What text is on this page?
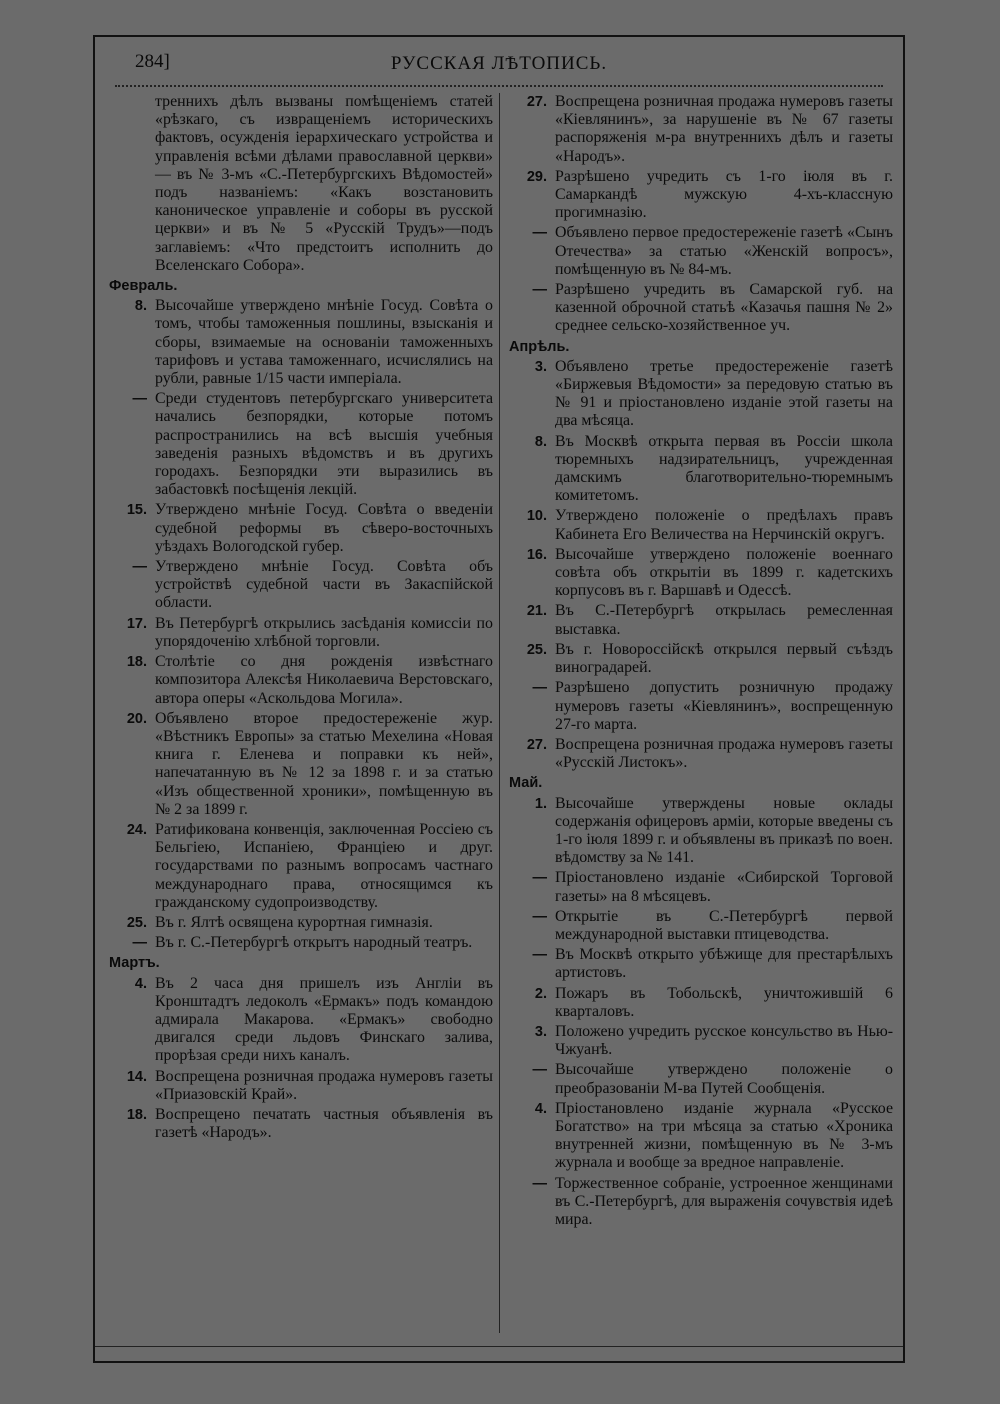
284]	РУССКАЯ ЛѢТОПИСЬ.
треннихъ дѣлъ вызваны помѣщеніемъ статей «рѣзкаго, съ извращеніемъ историческихъ фактовъ, осужденія іерархическаго устройства и управленія всѣми дѣлами православной церкви» — въ № 3-мъ «С.-Петербургскихъ Вѣдомостей» подъ названіемъ: «Какъ возстановить каноническое управленіе и соборы въ русской церкви» и въ № 5 «Русскій Трудъ»—подъ заглавіемъ: «Что предстоитъ исполнить до Вселенскаго Собора».
Февраль.
8. Высочайше утверждено мнѣніе Госуд. Совѣта о томъ, чтобы таможенныя пошлины, взысканія и сборы, взимаемые на основаніи таможенныхъ тарифовъ и устава таможеннаго, исчислялись на рубли, равные 1/15 части имперіала.
— Среди студентовъ петербургскаго университета начались безпорядки, которые потомъ распространились на всѣ высшія учебныя заведенія разныхъ вѣдомствъ и въ другихъ городахъ. Безпорядки эти выразились въ забастовкѣ посѣщенія лекцій.
15. Утверждено мнѣніе Госуд. Совѣта о введеніи судебной реформы въ сѣверо-восточныхъ уѣздахъ Вологодской губер.
— Утверждено мнѣніе Госуд. Совѣта объ устройствѣ судебной части въ Закаспійской области.
17. Въ Петербургѣ открылись засѣданія комиссіи по упорядоченію хлѣбной торговли.
18. Столѣтіе со дня рожденія извѣстнаго композитора Алексѣя Николаевича Верстовскаго, автора оперы «Аскольдова Могила».
20. Объявлено второе предостереженіе жур. «Вѣстникъ Европы» за статью Мехелина «Новая книга г. Еленева и поправки къ ней», напечатанную въ № 12 за 1898 г. и за статью «Изъ общественной хроники», помѣщенную въ № 2 за 1899 г.
24. Ратификована конвенція, заключенная Россіею съ Бельгіею, Испаніею, Франціею и друг. государствами по разнымъ вопросамъ частнаго международнаго права, относящимся къ гражданскому судопроизводству.
25. Въ г. Ялтѣ освящена курортная гимназія.
— Въ г. С.-Петербургѣ открытъ народный театръ.
Мартъ.
4. Въ 2 часа дня пришелъ изъ Англіи въ Кронштадтъ ледоколъ «Ермакъ» подъ командою адмирала Макарова. «Ермакъ» свободно двигался среди льдовъ Финскаго залива, прорѣзая среди нихъ каналъ.
14. Воспрещена розничная продажа нумеровъ газеты «Приазовскій Край».
18. Воспрещено печатать частныя объявленія въ газетѣ «Народъ».
27. Воспрещена розничная продажа нумеровъ газеты «Кіевлянинъ», за нарушеніе въ № 67 газеты распоряженія м-ра внутреннихъ дѣлъ и газеты «Народъ».
29. Разрѣшено учредить съ 1-го іюля въ г. Самаркандѣ мужскую 4-хъ-классную прогимназію.
— Объявлено первое предостереженіе газетѣ «Сынъ Отечества» за статью «Женскій вопросъ», помѣщенную въ № 84-мъ.
— Разрѣшено учредить въ Самарской губ. на казенной оброчной статьѣ «Казачья пашня № 2» среднее сельско-хозяйственное уч.
Апрѣль.
3. Объявлено третье предостереженіе газетѣ «Биржевыя Вѣдомости» за передовую статью въ № 91 и пріостановлено изданіе этой газеты на два мѣсяца.
8. Въ Москвѣ открыта первая въ Россіи школа тюремныхъ надзирательницъ, учрежденная дамскимъ благотворительно-тюремнымъ комитетомъ.
10. Утверждено положеніе о предѣлахъ правъ Кабинета Его Величества на Нерчинскій округъ.
16. Высочайше утверждено положеніе военнаго совѣта объ открытіи въ 1899 г. кадетскихъ корпусовъ въ г. Варшавѣ и Одессѣ.
21. Въ С.-Петербургѣ открылась ремесленная выставка.
25. Въ г. Новороссійскѣ открылся первый съѣздъ виноградарей.
— Разрѣшено допустить розничную продажу нумеровъ газеты «Кіевлянинъ», воспрещенную 27-го марта.
27. Воспрещена розничная продажа нумеровъ газеты «Русскій Листокъ».
Май.
1. Высочайше утверждены новые оклады содержанія офицеровъ арміи, которые введены съ 1-го іюля 1899 г. и объявлены въ приказѣ по воен. вѣдомству за № 141.
— Пріостановлено изданіе «Сибирской Торговой газеты» на 8 мѣсяцевъ.
— Открытіе въ С.-Петербургѣ первой международной выставки птицеводства.
— Въ Москвѣ открыто убѣжище для престарѣлыхъ артистовъ.
2. Пожаръ въ Тобольскѣ, уничтожившій 6 кварталовъ.
3. Положено учредить русское консульство въ Нью-Чжуанѣ.
— Высочайше утверждено положеніе о преобразованіи М-ва Путей Сообщенія.
4. Пріостановлено изданіе журнала «Русское Богатство» на три мѣсяца за статью «Хроника внутренней жизни, помѣщенную въ № 3-мъ журнала и вообще за вредное направленіе.
— Торжественное собраніе, устроенное женщинами въ С.-Петербургѣ, для выраженія сочувствія идеѣ мира.
